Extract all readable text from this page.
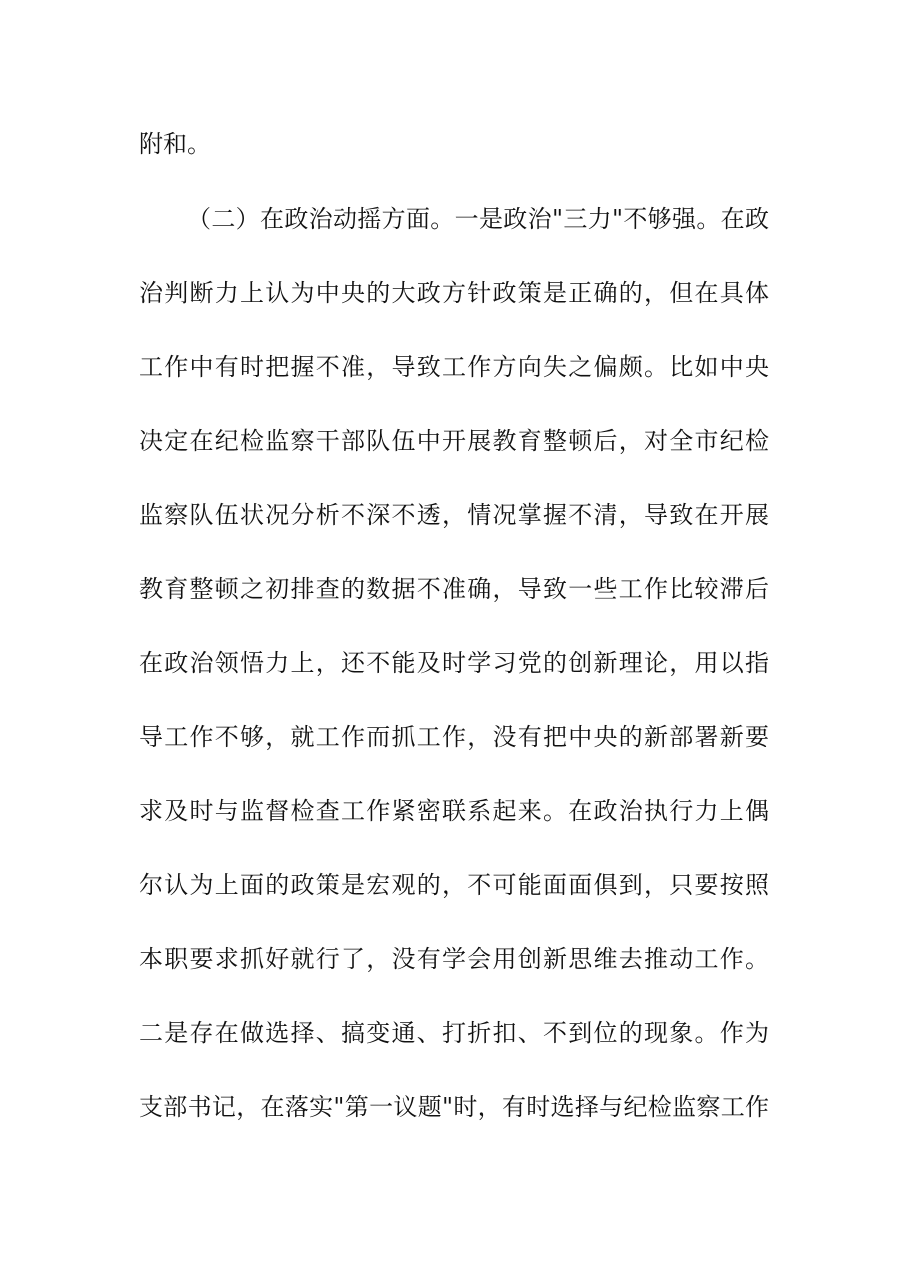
附和。
（二）在政治动摇方面。一是政治"三力"不够强。在政
治判断力上认为中央的大政方针政策是正确的，但在具体
工作中有时把握不准，导致工作方向失之偏颇。比如中央
决定在纪检监察干部队伍中开展教育整顿后，对全市纪检
监察队伍状况分析不深不透，情况掌握不清，导致在开展
教育整顿之初排查的数据不准确，导致一些工作比较滞后
在政治领悟力上，还不能及时学习党的创新理论，用以指
导工作不够，就工作而抓工作，没有把中央的新部署新要
求及时与监督检查工作紧密联系起来。在政治执行力上偶
尔认为上面的政策是宏观的，不可能面面俱到，只要按照
本职要求抓好就行了，没有学会用创新思维去推动工作。
二是存在做选择、搞变通、打折扣、不到位的现象。作为
支部书记，在落实"第一议题"时，有时选择与纪检监察工作
